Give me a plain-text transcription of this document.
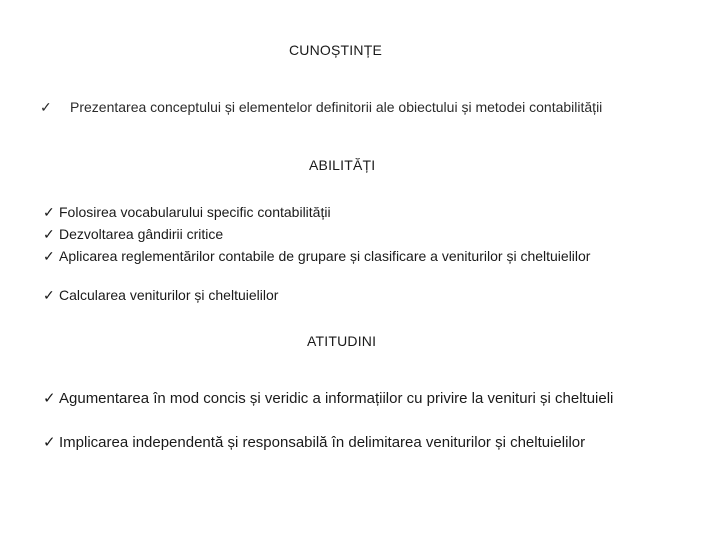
CUNOȘTINȚE
✓ Prezentarea conceptului și elementelor definitorii ale obiectului și metodei contabilității
ABILITĂȚI
✓ Folosirea vocabularului specific contabilității
✓ Dezvoltarea gândirii critice
✓ Aplicarea reglementărilor contabile de grupare și clasificare a veniturilor și cheltuielilor
✓ Calcularea veniturilor și cheltuielilor
ATITUDINI
✓ Agumentarea în mod concis și veridic a informațiilor cu privire la venituri și cheltuieli
✓ Implicarea independentă și responsabilă în delimitarea veniturilor și cheltuielilor
